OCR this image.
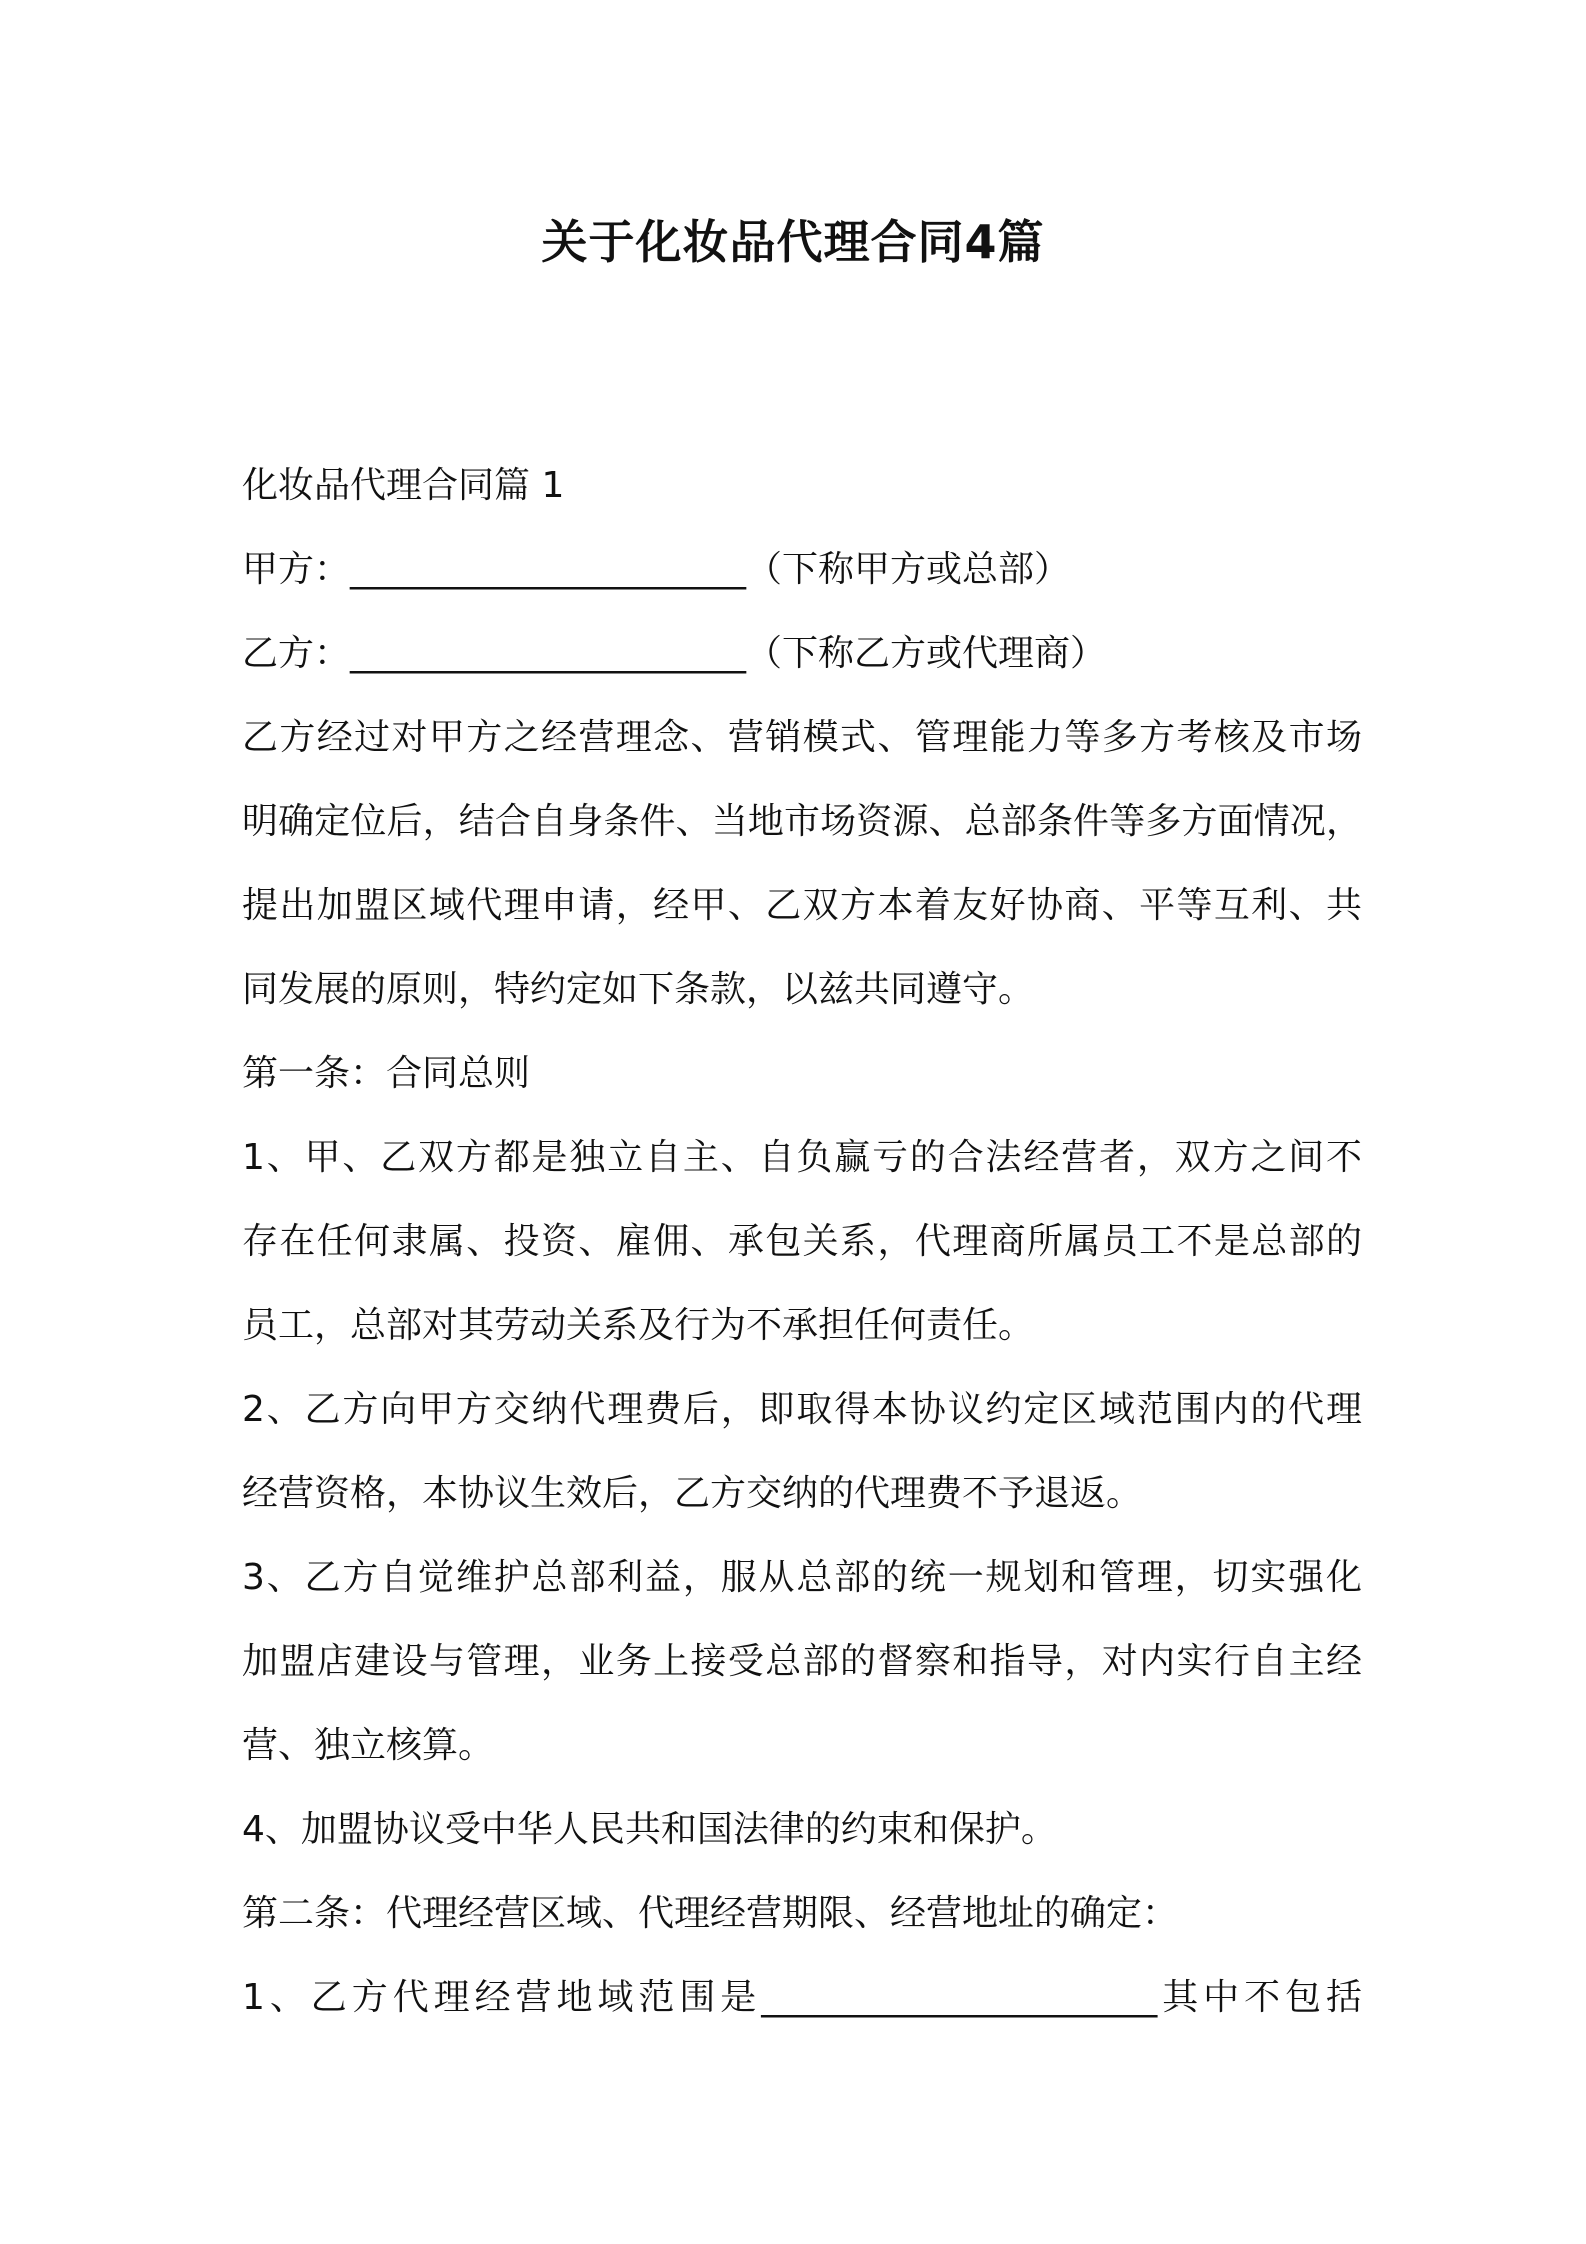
关于化妆品代理合同4篇
化妆品代理合同篇 1
甲方：______________________（下称甲方或总部）
乙方：______________________（下称乙方或代理商）
乙方经过对甲方之经营理念、营销模式、管理能力等多方考核及市场
明确定位后，结合自身条件、当地市场资源、总部条件等多方面情况，
提出加盟区域代理申请，经甲、乙双方本着友好协商、平等互利、共
同发展的原则，特约定如下条款，以兹共同遵守。
第一条：合同总则
1、甲、乙双方都是独立自主、自负赢亏的合法经营者，双方之间不
存在任何隶属、投资、雇佣、承包关系，代理商所属员工不是总部的
员工，总部对其劳动关系及行为不承担任何责任。
2、乙方向甲方交纳代理费后，即取得本协议约定区域范围内的代理
经营资格，本协议生效后，乙方交纳的代理费不予退返。
3、乙方自觉维护总部利益，服从总部的统一规划和管理，切实强化
加盟店建设与管理，业务上接受总部的督察和指导，对内实行自主经
营、独立核算。
4、加盟协议受中华人民共和国法律的约束和保护。
第二条：代理经营区域、代理经营期限、经营地址的确定：
1、乙方代理经营地域范围是______________________其中不包括
